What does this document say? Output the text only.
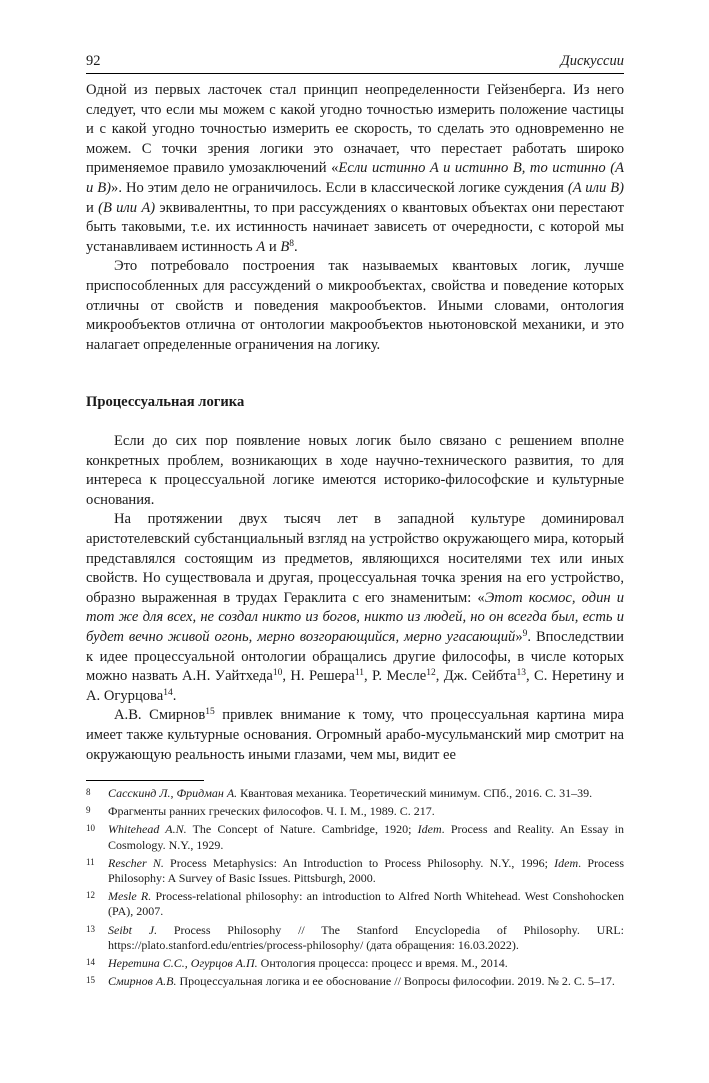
92	Дискуссии

Одной из первых ласточек стал принцип неопределенности Гейзенберга. Из него следует, что если мы можем с какой угодно точностью измерить положение частицы и с какой угодно точностью измерить ее скорость, то сделать это одновременно не можем. С точки зрения логики это означает, что перестает работать широко применяемое правило умозаключений «Если истинно A и истинно B, то истинно (A и B)». Но этим дело не ограничилось. Если в классической логике суждения (A или B) и (B или A) эквивалентны, то при рассуждениях о квантовых объектах они перестают быть таковыми, т.е. их истинность начинает зависеть от очередности, с которой мы устанавливаем истинность A и $B^8$.

Это потребовало построения так называемых квантовых логик, лучше приспособленных для рассуждений о микрообъектах, свойства и поведение которых отличны от свойств и поведения макрообъектов. Иными словами, онтология микрообъектов отлична от онтологии макрообъектов ньютоновской механики, и это налагает определенные ограничения на логику.

Процессуальная логика

Если до сих пор появление новых логик было связано с решением вполне конкретных проблем, возникающих в ходе научно-технического развития, то для интереса к процессуальной логике имеются историко-философские и культурные основания.

На протяжении двух тысяч лет в западной культуре доминировал аристотелевский субстанциальный взгляд на устройство окружающего мира, который представлялся состоящим из предметов, являющихся носителями тех или иных свойств. Но существовала и другая, процессуальная точка зрения на его устройство, образно выраженная в трудах Гераклита с его знаменитым: «Этот космос, один и тот же для всех, не создал никто из богов, никто из людей, но он всегда был, есть и будет вечно живой огонь, мерно возгорающийся, мерно угасающий»$^9$. Впоследствии к идее процессуальной онтологии обращались другие философы, в числе которых можно назвать А.Н. Уайтхеда$^{10}$, Н. Решера$^{11}$, Р. Месле$^{12}$, Дж. Сейбта$^{13}$, С. Неретину и А. Огурцова$^{14}$.

А.В. Смирнов$^{15}$ привлек внимание к тому, что процессуальная картина мира имеет также культурные основания. Огромный арабо-мусульманский мир смотрит на окружающую реальность иными глазами, чем мы, видит ее

8	Сасскинд Л., Фридман А. Квантовая механика. Теоретический минимум. СПб., 2016. С. 31–39.
9	Фрагменты ранних греческих философов. Ч. I. М., 1989. С. 217.
10	Whitehead A.N. The Concept of Nature. Cambridge, 1920; Idem. Process and Reality. An Essay in Cosmology. N.Y., 1929.
11	Rescher N. Process Metaphysics: An Introduction to Process Philosophy. N.Y., 1996; Idem. Process Philosophy: A Survey of Basic Issues. Pittsburgh, 2000.
12	Mesle R. Process-relational philosophy: an introduction to Alfred North Whitehead. West Conshohocken (PA), 2007.
13	Seibt J. Process Philosophy // The Stanford Encyclopedia of Philosophy. URL: https://plato.stanford.edu/entries/process-philosophy/ (дата обращения: 16.03.2022).
14	Неретина С.С., Огурцов А.П. Онтология процесса: процесс и время. М., 2014.
15	Смирнов А.В. Процессуальная логика и ее обоснование // Вопросы философии. 2019. № 2. С. 5–17.
